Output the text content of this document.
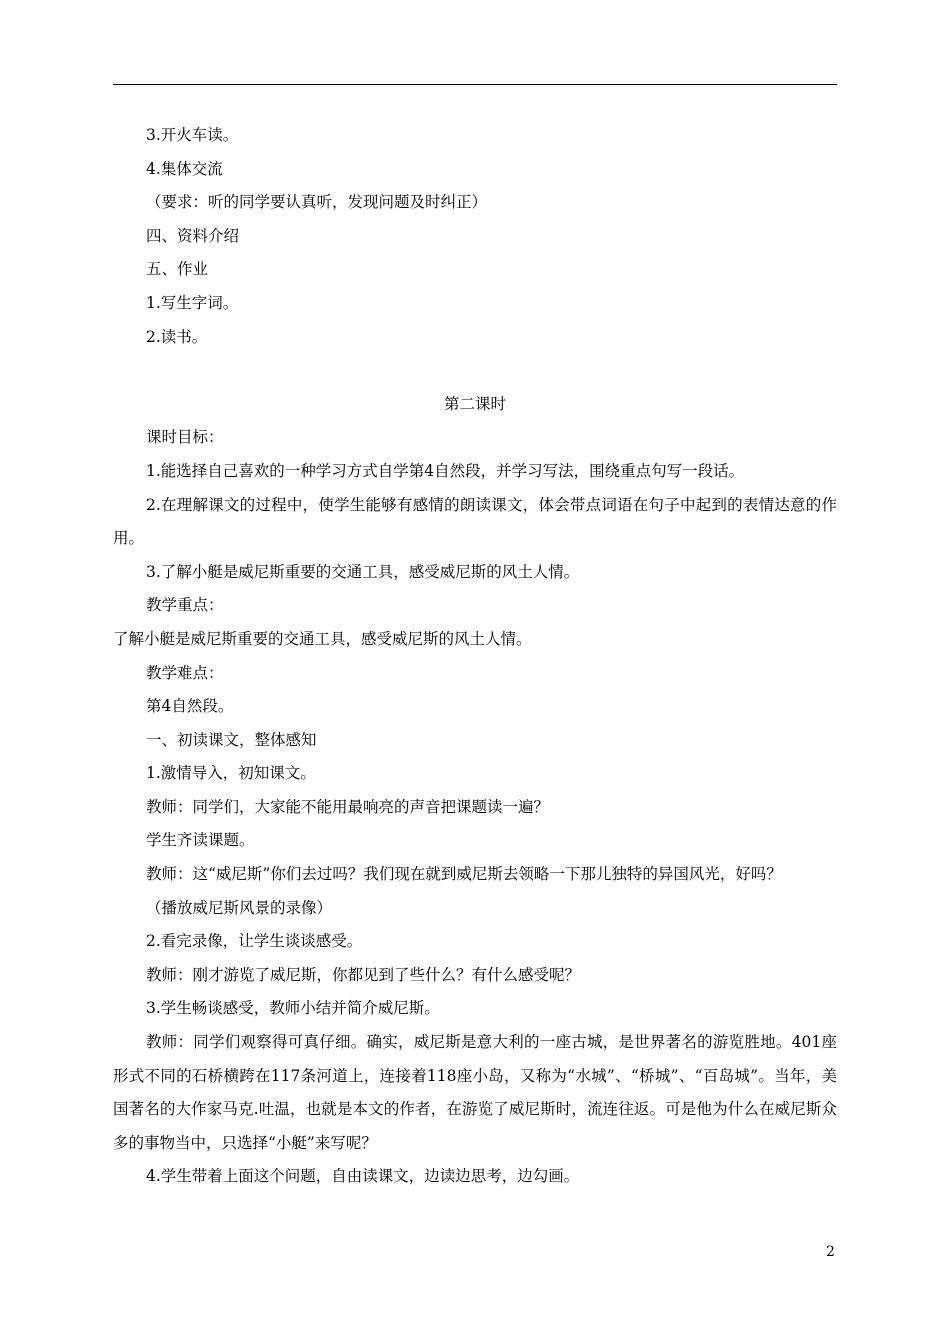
3.开火车读。
4.集体交流
（要求：听的同学要认真听，发现问题及时纠正）
四、资料介绍
五、作业
1.写生字词。
2.读书。
第二课时
课时目标：
1.能选择自己喜欢的一种学习方式自学第4自然段，并学习写法，围绕重点句写一段话。
2.在理解课文的过程中，使学生能够有感情的朗读课文，体会带点词语在句子中起到的表情达意的作用。
3.了解小艇是威尼斯重要的交通工具，感受威尼斯的风土人情。
教学重点：
了解小艇是威尼斯重要的交通工具，感受威尼斯的风土人情。
教学难点：
第4自然段。
一、初读课文，整体感知
1.激情导入，初知课文。
教师：同学们，大家能不能用最响亮的声音把课题读一遍？
学生齐读课题。
教师：这“威尼斯”你们去过吗？我们现在就到威尼斯去领略一下那儿独特的异国风光，好吗？
（播放威尼斯风景的录像）
2.看完录像，让学生谈谈感受。
教师：刚才游览了威尼斯，你都见到了些什么？有什么感受呢？
3.学生畅谈感受，教师小结并简介威尼斯。
教师：同学们观察得可真仔细。确实，威尼斯是意大利的一座古城，是世界著名的游览胜地。401座形式不同的石桥横跨在117条河道上，连接着118座小岛，又称为“水城”、“桥城”、“百岛城”。当年，美国著名的大作家马克.吐温，也就是本文的作者，在游览了威尼斯时，流连往返。可是他为什么在威尼斯众多的事物当中，只选择“小艇”来写呢？
4.学生带着上面这个问题，自由读课文，边读边思考，边勾画。
2
